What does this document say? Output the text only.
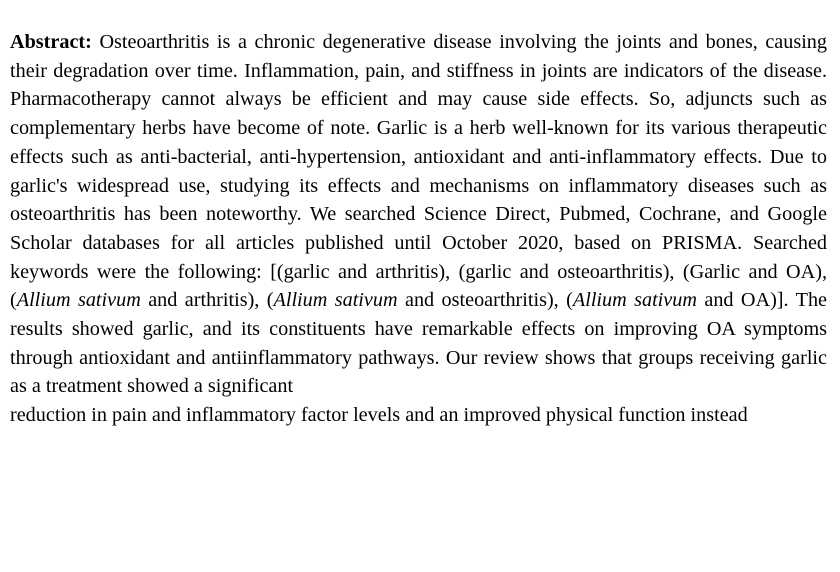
Abstract: Osteoarthritis is a chronic degenerative disease involving the joints and bones, causing their degradation over time. Inflammation, pain, and stiffness in joints are indicators of the disease. Pharmacotherapy cannot always be efficient and may cause side effects. So, adjuncts such as complementary herbs have become of note. Garlic is a herb well-known for its various therapeutic effects such as anti-bacterial, anti-hypertension, antioxidant and anti-inflammatory effects. Due to garlic's widespread use, studying its effects and mechanisms on inflammatory diseases such as osteoarthritis has been noteworthy. We searched Science Direct, Pubmed, Cochrane, and Google Scholar databases for all articles published until October 2020, based on PRISMA. Searched keywords were the following: [(garlic and arthritis), (garlic and osteoarthritis), (Garlic and OA), (Allium sativum and arthritis), (Allium sativum and osteoarthritis), (Allium sativum and OA)]. The results showed garlic, and its constituents have remarkable effects on improving OA symptoms through antioxidant and antiinflammatory pathways. Our review shows that groups receiving garlic as a treatment showed a significant
reduction in pain and inflammatory factor levels and an improved physical function instead
